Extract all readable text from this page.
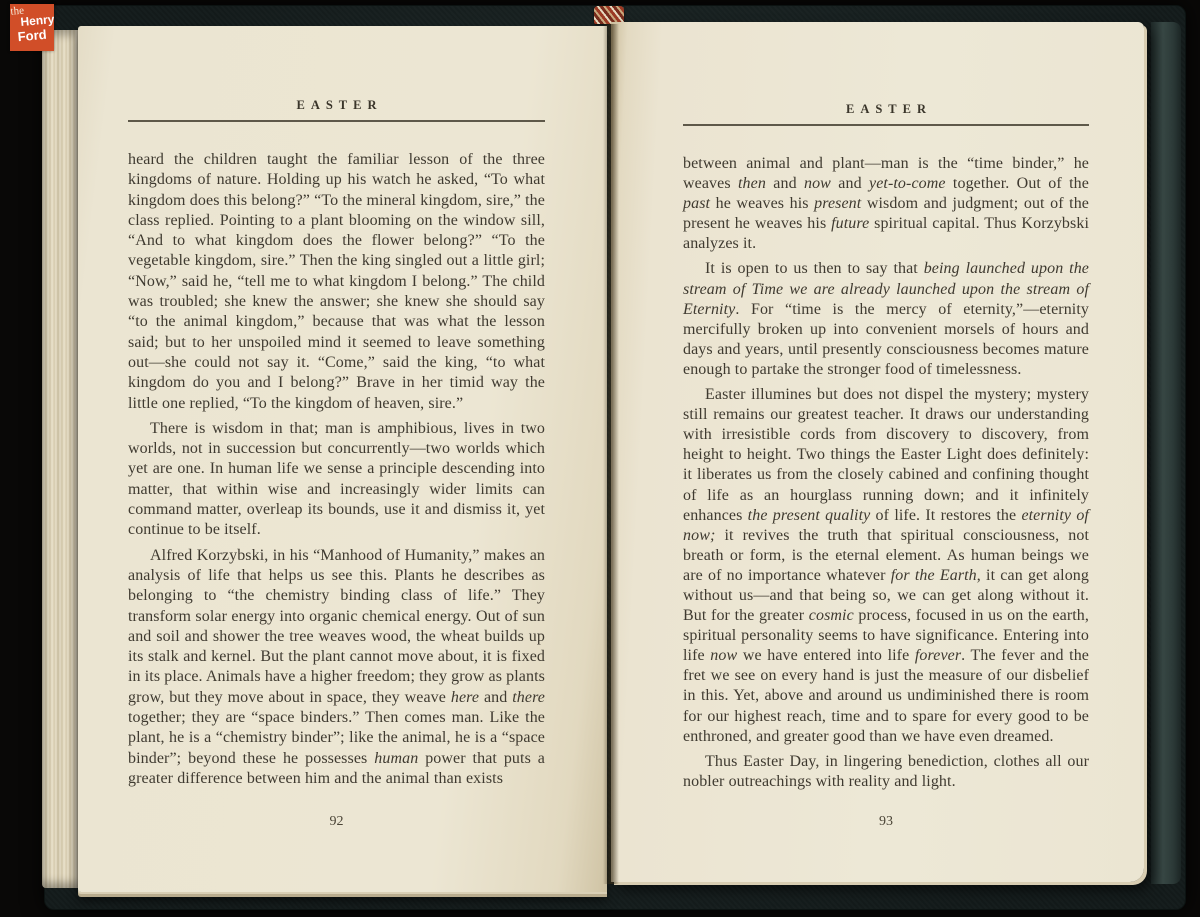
EASTER

heard the children taught the familiar lesson of the three kingdoms of nature. Holding up his watch he asked, “To what kingdom does this belong?” “To the mineral kingdom, sire,” the class replied. Pointing to a plant blooming on the window sill, “And to what kingdom does the flower belong?” “To the vegetable kingdom, sire.” Then the king singled out a little girl; “Now,” said he, “tell me to what kingdom I belong.” The child was troubled; she knew the answer; she knew she should say “to the animal kingdom,” because that was what the lesson said; but to her unspoiled mind it seemed to leave something out—she could not say it. “Come,” said the king, “to what kingdom do you and I belong?” Brave in her timid way the little one replied, “To the kingdom of heaven, sire.”

There is wisdom in that; man is amphibious, lives in two worlds, not in succession but concurrently—two worlds which yet are one. In human life we sense a principle descending into matter, that within wise and increasingly wider limits can command matter, overleap its bounds, use it and dismiss it, yet continue to be itself.

Alfred Korzybski, in his “Manhood of Humanity,” makes an analysis of life that helps us see this. Plants he describes as belonging to “the chemistry binding class of life.” They transform solar energy into organic chemical energy. Out of sun and soil and shower the tree weaves wood, the wheat builds up its stalk and kernel. But the plant cannot move about, it is fixed in its place. Animals have a higher freedom; they grow as plants grow, but they move about in space, they weave here and there together; they are “space binders.” Then comes man. Like the plant, he is a “chemistry binder”; like the animal, he is a “space binder”; beyond these he possesses human power that puts a greater difference between him and the animal than exists

92
EASTER

between animal and plant—man is the “time binder,” he weaves then and now and yet-to-come together. Out of the past he weaves his present wisdom and judgment; out of the present he weaves his future spiritual capital. Thus Korzybski analyzes it.

It is open to us then to say that being launched upon the stream of Time we are already launched upon the stream of Eternity. For “time is the mercy of eternity,”—eternity mercifully broken up into convenient morsels of hours and days and years, until presently consciousness becomes mature enough to partake the stronger food of timelessness.

Easter illumines but does not dispel the mystery; mystery still remains our greatest teacher. It draws our understanding with irresistible cords from discovery to discovery, from height to height. Two things the Easter Light does definitely: it liberates us from the closely cabined and confining thought of life as an hourglass running down; and it infinitely enhances the present quality of life. It restores the eternity of now; it revives the truth that spiritual consciousness, not breath or form, is the eternal element. As human beings we are of no importance whatever for the Earth, it can get along without us—and that being so, we can get along without it. But for the greater cosmic process, focused in us on the earth, spiritual personality seems to have significance. Entering into life now we have entered into life forever. The fever and the fret we see on every hand is just the measure of our disbelief in this. Yet, above and around us undiminished there is room for our highest reach, time and to spare for every good to be enthroned, and greater good than we have even dreamed.

Thus Easter Day, in lingering benediction, clothes all our nobler outreachings with reality and light.

93
the
Henry
Ford
